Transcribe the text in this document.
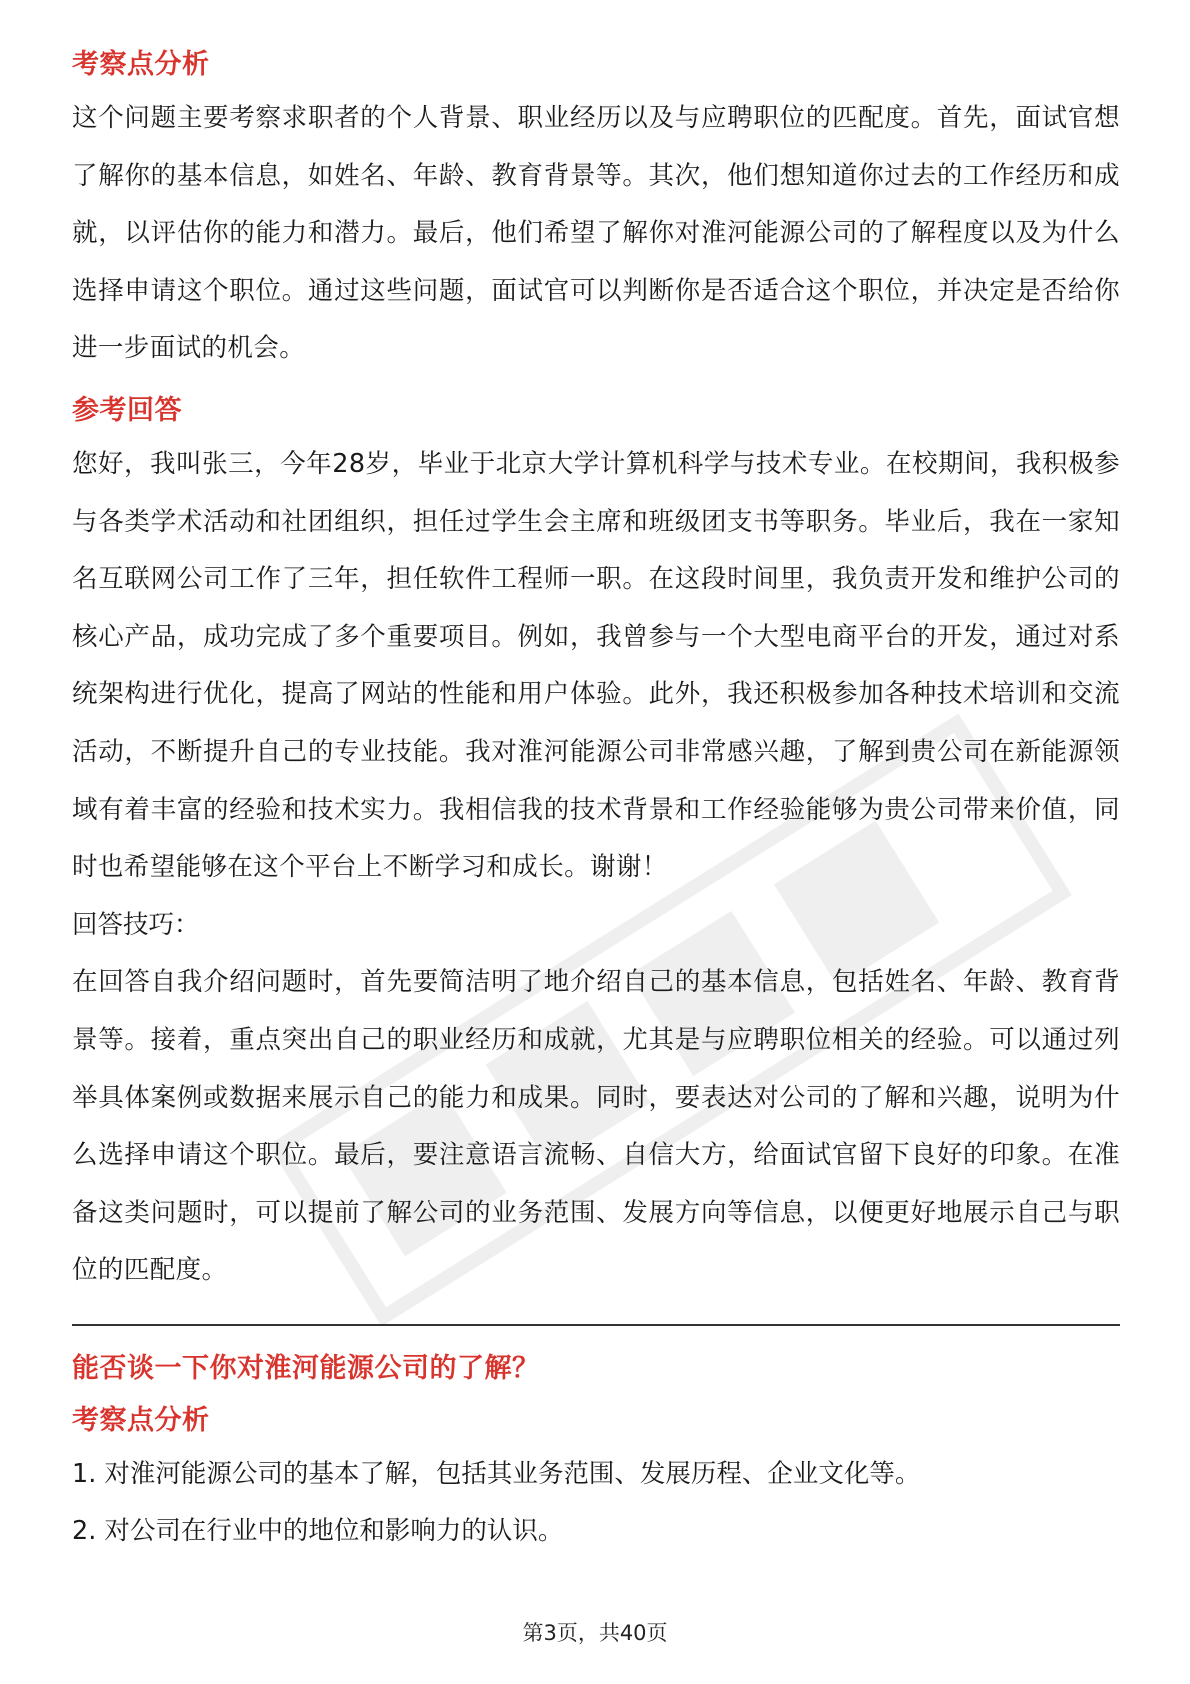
考察点分析

这个问题主要考察求职者的个人背景、职业经历以及与应聘职位的匹配度。首先，面试官想了解你的基本信息，如姓名、年龄、教育背景等。其次，他们想知道你过去的工作经历和成就，以评估你的能力和潜力。最后，他们希望了解你对淮河能源公司的了解程度以及为什么选择申请这个职位。通过这些问题，面试官可以判断你是否适合这个职位，并决定是否给你进一步面试的机会。

参考回答

您好，我叫张三，今年28岁，毕业于北京大学计算机科学与技术专业。在校期间，我积极参与各类学术活动和社团组织，担任过学生会主席和班级团支书等职务。毕业后，我在一家知名互联网公司工作了三年，担任软件工程师一职。在这段时间里，我负责开发和维护公司的核心产品，成功完成了多个重要项目。例如，我曾参与一个大型电商平台的开发，通过对系统架构进行优化，提高了网站的性能和用户体验。此外，我还积极参加各种技术培训和交流活动，不断提升自己的专业技能。我对淮河能源公司非常感兴趣，了解到贵公司在新能源领域有着丰富的经验和技术实力。我相信我的技术背景和工作经验能够为贵公司带来价值，同时也希望能够在这个平台上不断学习和成长。谢谢！

回答技巧：

在回答自我介绍问题时，首先要简洁明了地介绍自己的基本信息，包括姓名、年龄、教育背景等。接着，重点突出自己的职业经历和成就，尤其是与应聘职位相关的经验。可以通过列举具体案例或数据来展示自己的能力和成果。同时，要表达对公司的了解和兴趣，说明为什么选择申请这个职位。最后，要注意语言流畅、自信大方，给面试官留下良好的印象。在准备这类问题时，可以提前了解公司的业务范围、发展方向等信息，以便更好地展示自己与职位的匹配度。

能否谈一下你对淮河能源公司的了解？
考察点分析

1. 对淮河能源公司的基本了解，包括其业务范围、发展历程、企业文化等。

2. 对公司在行业中的地位和影响力的认识。

第3页，共40页
